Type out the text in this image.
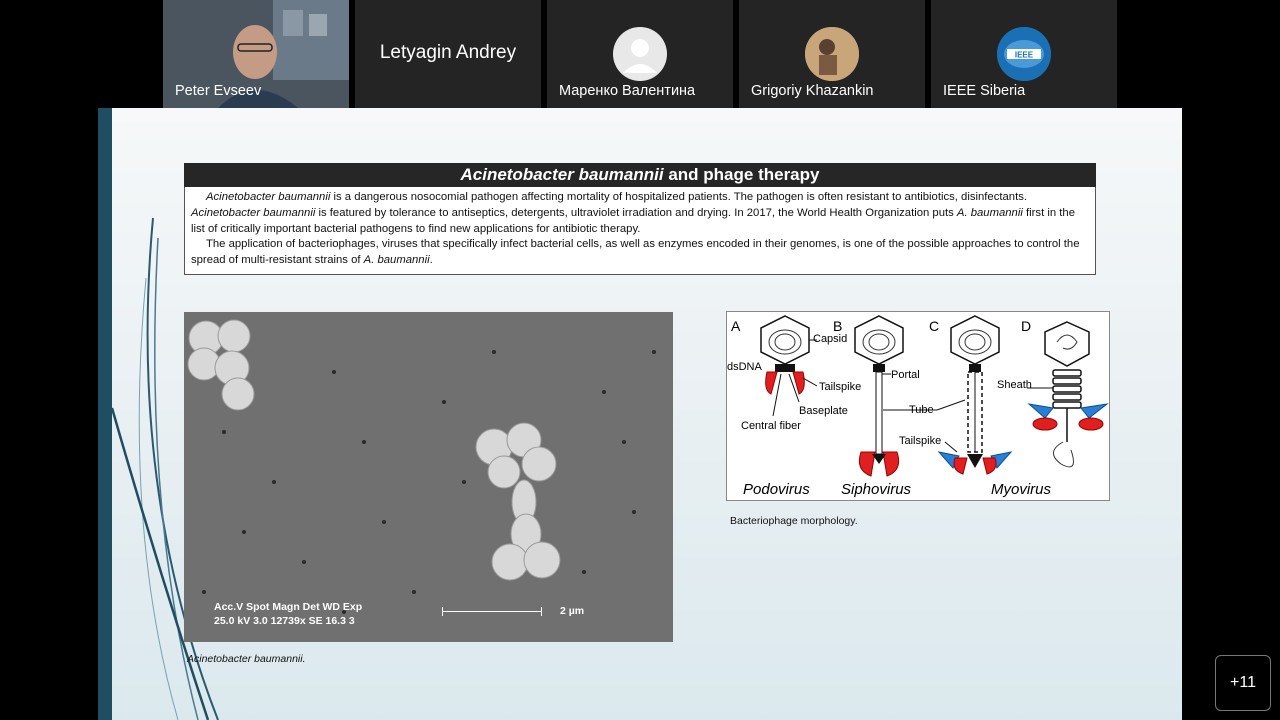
Peter Evseev
Letyagin Andrey
Маренко Валентина	Grigoriy Khazankin
IEEE
IEEE Siberia
Acinetobacter baumannii and phage therapy

Acinetobacter baumannii is a dangerous nosocomial pathogen affecting mortality of hospitalized patients. The pathogen is often resistant to antibiotics, disinfectants. Acinetobacter baumannii is featured by tolerance to antiseptics, detergents, ultraviolet irradiation and drying. In 2017, the World Health Organization puts A. baumannii first in the list of critically important bacterial pathogens to find new applications for antibiotic therapy.

The application of bacteriophages, viruses that specifically infect bacterial cells, as well as enzymes encoded in their genomes, is one of the possible approaches to control the spread of multi-resistant strains of A. baumannii.

Acc.V Spot Magn Det WD Exp
25.0 kV 3.0 12739x SE 16.3 3
2 µm
Acinetobacter baumannii.
A	B	C	D
Capsid
dsDNA
Tailspike
Baseplate
Central fiber
Portal
Tube
Tailspike
Sheath
Podovirus Siphovirus	Myovirus
Bacteriophage morphology.
+11
